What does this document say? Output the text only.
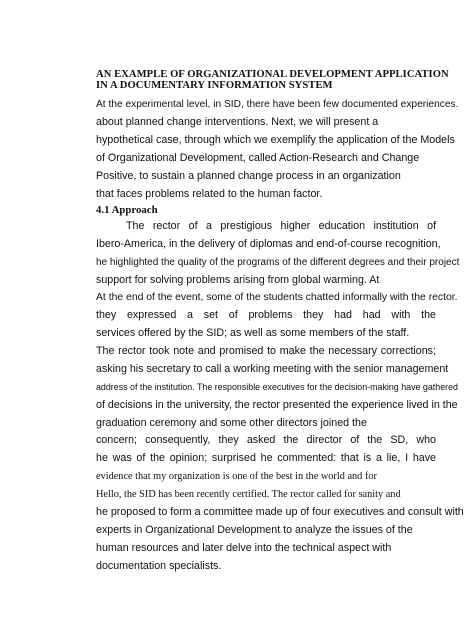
AN EXAMPLE OF ORGANIZATIONAL DEVELOPMENT APPLICATION
IN A DOCUMENTARY INFORMATION SYSTEM
At the experimental level, in SID, there have been few documented experiences.
about planned change interventions. Next, we will present a
hypothetical case, through which we exemplify the application of the Models
of Organizational Development, called Action-Research and Change
Positive, to sustain a planned change process in an organization
that faces problems related to the human factor.
4.1 Approach
The rector of a prestigious higher education institution of
Ibero-America, in the delivery of diplomas and end-of-course recognition,
he highlighted the quality of the programs of the different degrees and their project
support for solving problems arising from global warming. At
At the end of the event, some of the students chatted informally with the rector.
they expressed a set of problems they had had with the
services offered by the SID; as well as some members of the staff.
The rector took note and promised to make the necessary corrections;
asking his secretary to call a working meeting with the senior management
address of the institution. The responsible executives for the decision-making have gathered
of decisions in the university, the rector presented the experience lived in the
graduation ceremony and some other directors joined the
concern; consequently, they asked the director of the SD, who
he was of the opinion; surprised he commented: that is a lie, I have
evidence that my organization is one of the best in the world and for
Hello, the SID has been recently certified. The rector called for sanity and
he proposed to form a committee made up of four executives and consult with
experts in Organizational Development to analyze the issues of the
human resources and later delve into the technical aspect with
documentation specialists.
